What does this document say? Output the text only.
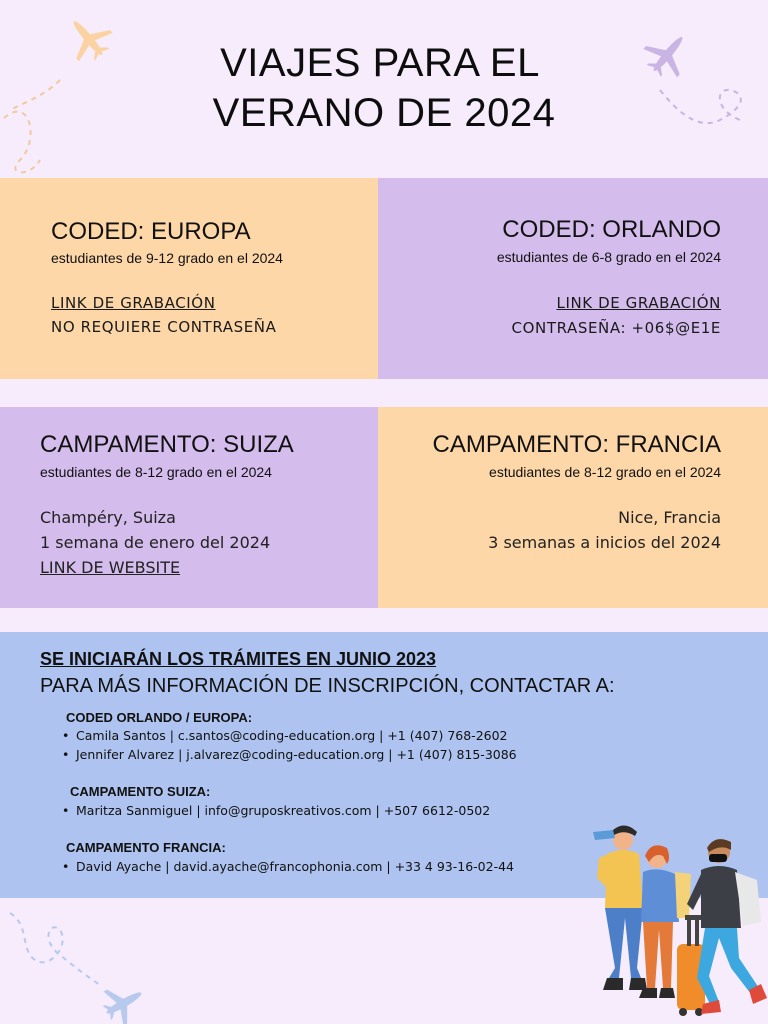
VIAJES PARA EL
VERANO DE 2024
CODED: EUROPA
estudiantes de 9-12 grado en el 2024
LINK DE GRABACIÓN
NO REQUIERE CONTRASEÑA
CODED: ORLANDO
estudiantes de 6-8 grado en el 2024
LINK DE GRABACIÓN
CONTRASEÑA: +06$@E1E
CAMPAMENTO: SUIZA
estudiantes de 8-12 grado en el 2024
Champéry, Suiza
1 semana de enero del 2024
LINK DE WEBSITE
CAMPAMENTO: FRANCIA
estudiantes de 8-12 grado en el 2024
Nice, Francia
3 semanas a inicios del 2024
SE INICIARÁN LOS TRÁMITES EN JUNIO 2023
PARA MÁS INFORMACIÓN DE INSCRIPCIÓN, CONTACTAR A:
CODED ORLANDO / EUROPA:
• Camila Santos | c.santos@coding-education.org | +1 (407) 768-2602
• Jennifer Alvarez | j.alvarez@coding-education.org | +1 (407) 815-3086
CAMPAMENTO SUIZA:
• Maritza Sanmiguel | info@gruposkreativos.com | +507 6612-0502
CAMPAMENTO FRANCIA:
• David Ayache | david.ayache@francophonia.com | +33 4 93-16-02-44
